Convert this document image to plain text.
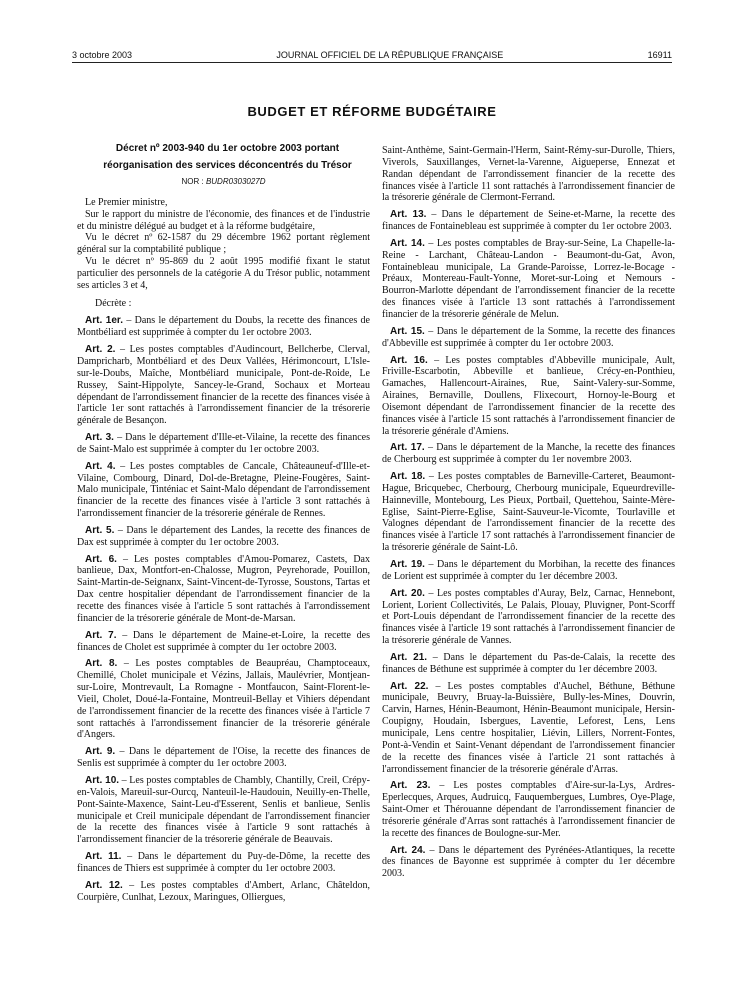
3 octobre 2003	JOURNAL OFFICIEL DE LA RÉPUBLIQUE FRANÇAISE	16911
BUDGET ET RÉFORME BUDGÉTAIRE

Décret nº 2003-940 du 1er octobre 2003 portant

réorganisation des services déconcentrés du Trésor

NOR : BUDR0303027D

Le Premier ministre,

Sur le rapport du ministre de l'économie, des finances et de l'industrie et du ministre délégué au budget et à la réforme budgétaire,

Vu le décret nº 62-1587 du 29 décembre 1962 portant règlement général sur la comptabilité publique ;

Vu le décret nº 95-869 du 2 août 1995 modifié fixant le statut particulier des personnels de la catégorie A du Trésor public, notamment ses articles 3 et 4,

Décrète :

Art. 1er. – Dans le département du Doubs, la recette des finances de Montbéliard est supprimée à compter du 1er octobre 2003.

Art. 2. – Les postes comptables d'Audincourt, Bellcherbe, Clerval, Dampricharb, Montbéliard et des Deux Vallées, Hérimoncourt, L'Isle-sur-le-Doubs, Maîche, Montbéliard municipale, Pont-de-Roide, Le Russey, Saint-Hippolyte, Sancey-le-Grand, Sochaux et Morteau dépendant de l'arrondissement financier de la recette des finances visée à l'article 1er sont rattachés à l'arrondissement financier de la trésorerie générale de Besançon.

Art. 3. – Dans le département d'Ille-et-Vilaine, la recette des finances de Saint-Malo est supprimée à compter du 1er octobre 2003.

Art. 4. – Les postes comptables de Cancale, Châteauneuf-d'Ille-et-Vilaine, Combourg, Dinard, Dol-de-Bretagne, Pleine-Fougères, Saint-Malo municipale, Tinténiac et Saint-Malo dépendant de l'arrondissement financier de la recette des finances visée à l'article 3 sont rattachés à l'arrondissement financier de la trésorerie générale de Rennes.

Art. 5. – Dans le département des Landes, la recette des finances de Dax est supprimée à compter du 1er octobre 2003.

Art. 6. – Les postes comptables d'Amou-Pomarez, Castets, Dax banlieue, Dax, Montfort-en-Chalosse, Mugron, Peyrehorade, Pouillon, Saint-Martin-de-Seignanx, Saint-Vincent-de-Tyrosse, Soustons, Tartas et Dax centre hospitalier dépendant de l'arrondissement financier de la recette des finances visée à l'article 5 sont rattachés à l'arrondissement financier de la trésorerie générale de Mont-de-Marsan.

Art. 7. – Dans le département de Maine-et-Loire, la recette des finances de Cholet est supprimée à compter du 1er octobre 2003.

Art. 8. – Les postes comptables de Beaupréau, Champtoceaux, Chemillé, Cholet municipale et Vézins, Jallais, Maulévrier, Montjean-sur-Loire, Montrevault, La Romagne - Montfaucon, Saint-Florent-le-Vieil, Cholet, Doué-la-Fontaine, Montreuil-Bellay et Vihiers dépendant de l'arrondissement financier de la recette des finances visée à l'article 7 sont rattachés à l'arrondissement financier de la trésorerie générale d'Angers.

Art. 9. – Dans le département de l'Oise, la recette des finances de Senlis est supprimée à compter du 1er octobre 2003.

Art. 10. – Les postes comptables de Chambly, Chantilly, Creil, Crépy-en-Valois, Mareuil-sur-Ourcq, Nanteuil-le-Haudouin, Neuilly-en-Thelle, Pont-Sainte-Maxence, Saint-Leu-d'Esserent, Senlis et banlieue, Senlis municipale et Creil municipale dépendant de l'arrondissement financier de la recette des finances visée à l'article 9 sont rattachés à l'arrondissement financier de la trésorerie générale de Beauvais.

Art. 11. – Dans le département du Puy-de-Dôme, la recette des finances de Thiers est supprimée à compter du 1er octobre 2003.

Art. 12. – Les postes comptables d'Ambert, Arlanc, Châteldon, Courpière, Cunlhat, Lezoux, Maringues, Olliergues,

Saint-Anthème, Saint-Germain-l'Herm, Saint-Rémy-sur-Durolle, Thiers, Viverols, Sauxillanges, Vernet-la-Varenne, Aigueperse, Ennezat et Randan dépendant de l'arrondissement financier de la recette des finances visée à l'article 11 sont rattachés à l'arrondissement financier de la trésorerie générale de Clermont-Ferrand.

Art. 13. – Dans le département de Seine-et-Marne, la recette des finances de Fontainebleau est supprimée à compter du 1er octobre 2003.

Art. 14. – Les postes comptables de Bray-sur-Seine, La Chapelle-la-Reine - Larchant, Château-Landon - Beaumont-du-Gat, Avon, Fontainebleau municipale, La Grande-Paroisse, Lorrez-le-Bocage - Préaux, Montereau-Fault-Yonne, Moret-sur-Loing et Nemours - Bourron-Marlotte dépendant de l'arrondissement financier de la recette des finances visée à l'article 13 sont rattachés à l'arrondissement financier de la trésorerie générale de Melun.

Art. 15. – Dans le département de la Somme, la recette des finances d'Abbeville est supprimée à compter du 1er octobre 2003.

Art. 16. – Les postes comptables d'Abbeville municipale, Ault, Friville-Escarbotin, Abbeville et banlieue, Crécy-en-Ponthieu, Gamaches, Hallencourt-Airaines, Rue, Saint-Valery-sur-Somme, Airaines, Bernaville, Doullens, Flixecourt, Hornoy-le-Bourg et Oisemont dépendant de l'arrondissement financier de la recette des finances visée à l'article 15 sont rattachés à l'arrondissement financier de la trésorerie générale d'Amiens.

Art. 17. – Dans le département de la Manche, la recette des finances de Cherbourg est supprimée à compter du 1er novembre 2003.

Art. 18. – Les postes comptables de Barneville-Carteret, Beaumont-Hague, Bricquebec, Cherbourg, Cherbourg municipale, Equeurdreville-Hainneville, Montebourg, Les Pieux, Portbail, Quettehou, Sainte-Mère-Eglise, Saint-Pierre-Eglise, Saint-Sauveur-le-Vicomte, Tourlaville et Valognes dépendant de l'arrondissement financier de la recette des finances visée à l'article 17 sont rattachés à l'arrondissement financier de la trésorerie générale de Saint-Lô.

Art. 19. – Dans le département du Morbihan, la recette des finances de Lorient est supprimée à compter du 1er décembre 2003.

Art. 20. – Les postes comptables d'Auray, Belz, Carnac, Hennebont, Lorient, Lorient Collectivités, Le Palais, Plouay, Pluvigner, Pont-Scorff et Port-Louis dépendant de l'arrondissement financier de la recette des finances visée à l'article 19 sont rattachés à l'arrondissement financier de la trésorerie générale de Vannes.

Art. 21. – Dans le département du Pas-de-Calais, la recette des finances de Béthune est supprimée à compter du 1er décembre 2003.

Art. 22. – Les postes comptables d'Auchel, Béthune, Béthune municipale, Beuvry, Bruay-la-Buissière, Bully-les-Mines, Douvrin, Carvin, Harnes, Hénin-Beaumont, Hénin-Beaumont municipale, Hersin-Coupigny, Houdain, Isbergues, Laventie, Leforest, Lens, Lens municipale, Lens centre hospitalier, Liévin, Lillers, Norrent-Fontes, Pont-à-Vendin et Saint-Venant dépendant de l'arrondissement financier de la recette des finances visée à l'article 21 sont rattachés à l'arrondissement financier de la trésorerie générale d'Arras.

Art. 23. – Les postes comptables d'Aire-sur-la-Lys, Ardres-Eperlecques, Arques, Audruicq, Fauquembergues, Lumbres, Oye-Plage, Saint-Omer et Thérouanne dépendant de l'arrondissement financier de trésorerie générale d'Arras sont rattachés à l'arrondissement financier de la recette des finances de Boulogne-sur-Mer.

Art. 24. – Dans le département des Pyrénées-Atlantiques, la recette des finances de Bayonne est supprimée à compter du 1er décembre 2003.
